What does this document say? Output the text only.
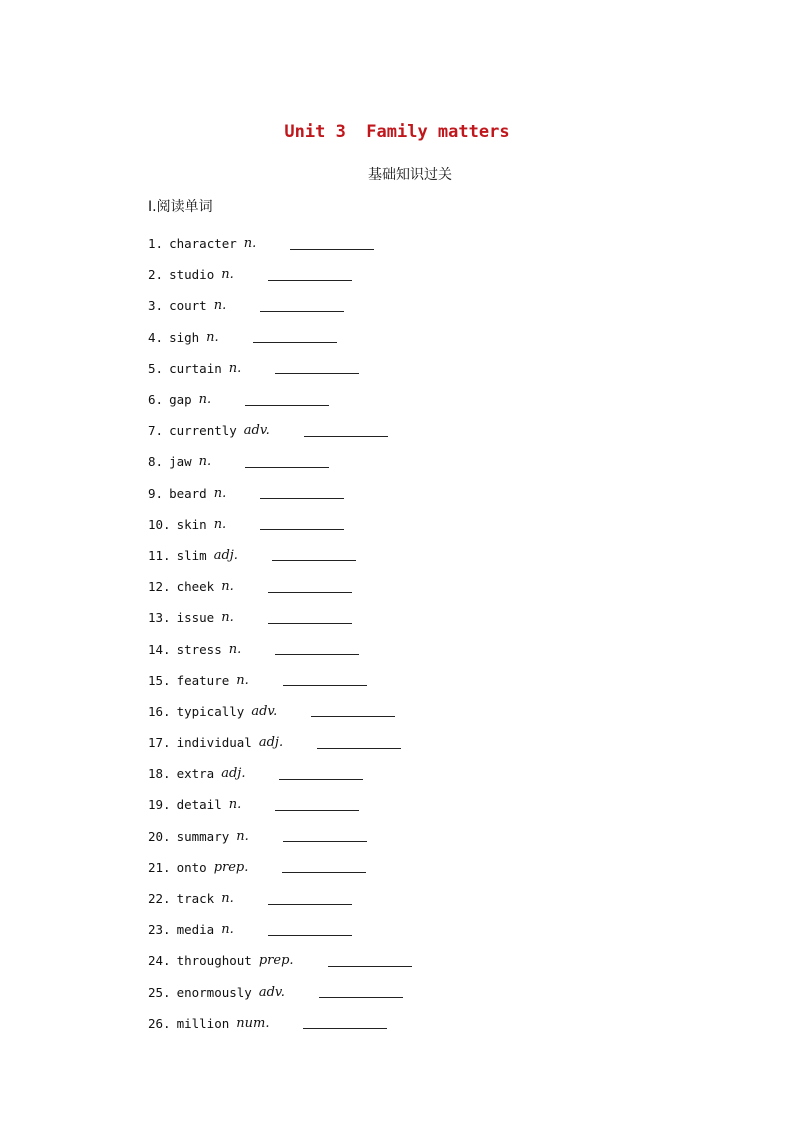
Unit 3  Family matters
基础知识过关
Ⅰ.阅读单词
1. character n.
2. studio n.
3. court n.
4. sigh n.
5. curtain n.
6. gap n.
7. currently adv.
8. jaw n.
9. beard n.
10. skin n.
11. slim adj.
12. cheek n.
13. issue n.
14. stress n.
15. feature n.
16. typically adv.
17. individual adj.
18. extra adj.
19. detail n.
20. summary n.
21. onto prep.
22. track n.
23. media n.
24. throughout prep.
25. enormously adv.
26. million num.
